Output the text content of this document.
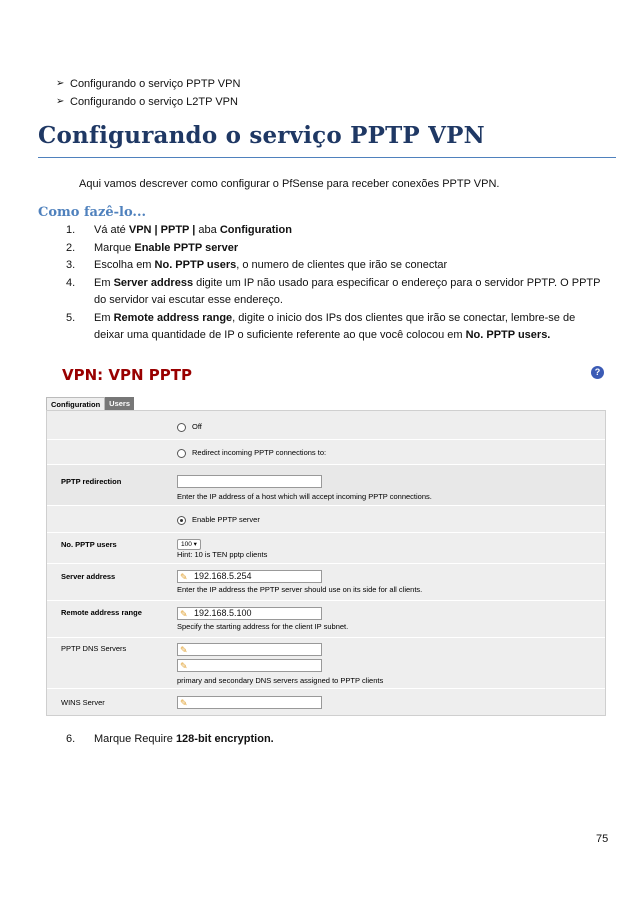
➢ Configurando o serviço PPTP VPN
➢ Configurando o serviço L2TP VPN
Configurando o serviço PPTP VPN
Aqui vamos descrever como configurar o PfSense para receber conexões PPTP VPN.
Como fazê-lo...
1.	Vá até VPN | PPTP | aba Configuration
2.	Marque Enable PPTP server
3.	Escolha em No. PPTP users, o numero de clientes que irão se conectar
4.	Em Server address digite um IP não usado para especificar o endereço para o servidor PPTP. O PPTP do servidor vai escutar esse endereço.
5.	Em Remote address range, digite o inicio dos IPs dos clientes que irão se conectar, lembre-se de deixar uma quantidade de IP o suficiente referente ao que você colocou em No. PPTP users.
VPN: VPN PPTP	?
Configuration	Users
Off
Redirect incoming PPTP connections to:
PPTP redirection
Enter the IP address of a host which will accept incoming PPTP connections.
Enable PPTP server
No. PPTP users	100 ▾
Hint: 10 is TEN pptp clients
Server address	✎ 192.168.5.254
Enter the IP address the PPTP server should use on its side for all clients.
Remote address range	✎ 192.168.5.100
Specify the starting address for the client IP subnet.
PPTP DNS Servers	✎
✎
primary and secondary DNS servers assigned to PPTP clients
WINS Server	✎
6.	Marque Require 128-bit encryption.
75
